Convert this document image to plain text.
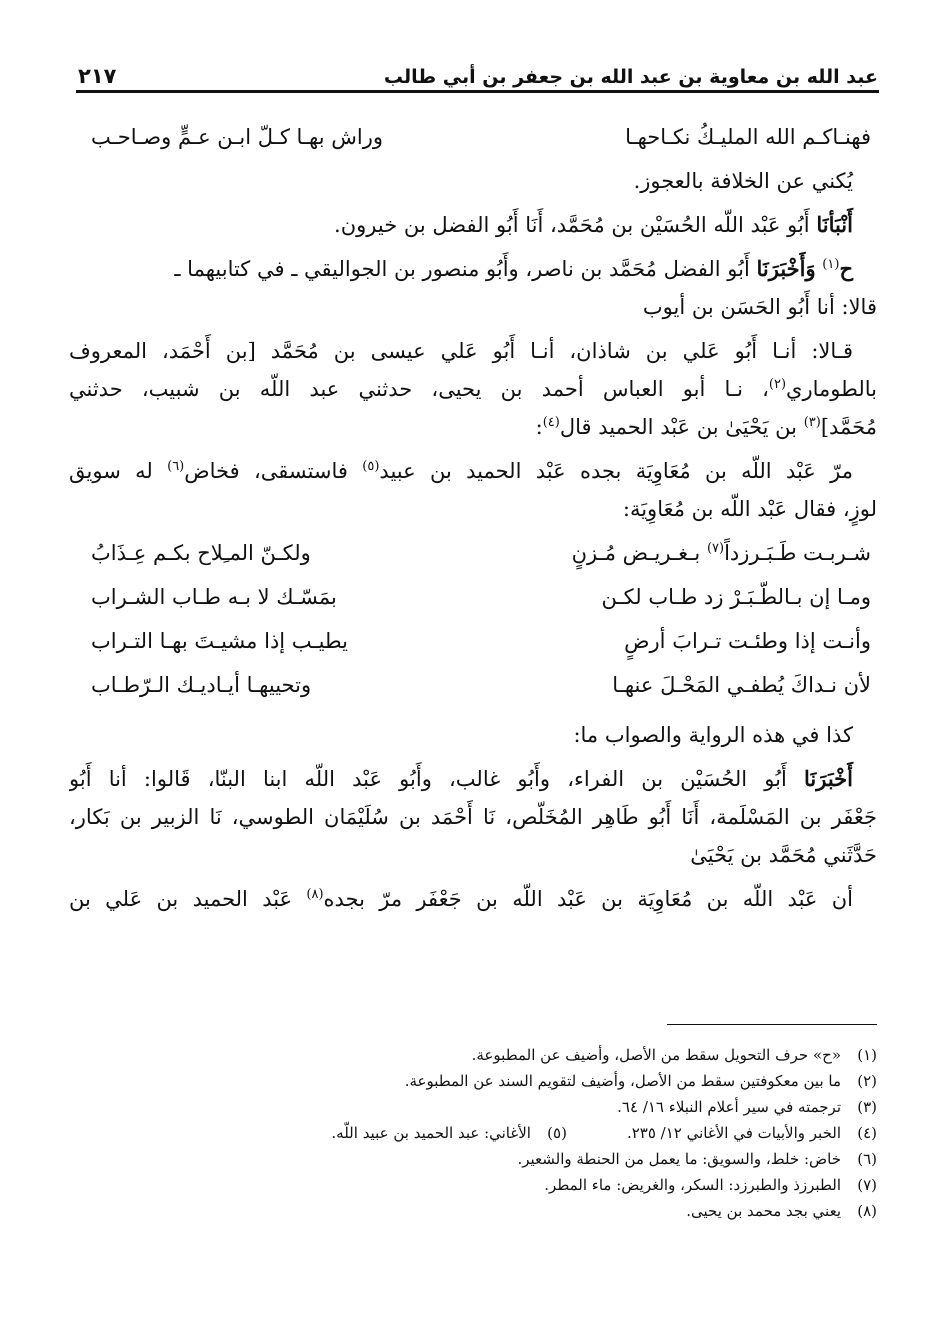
عبد الله بن معاوية بن عبد الله بن جعفر بن أبي طالب
٢١٧
فهنـاكـم الله المليـكُ نكـاحهـا
وراش بهـا كـلّ ابـن عـمٍّ وصـاحـب
يُكني عن الخلافة بالعجوز.
أَنْبَأنَا أَبُو عَبْد اللّه الحُسَيْن بن مُحَمَّد، أَنَا أَبُو الفضل بن خيرون.
ح$^{(١)}$ وَأَخْبَرَنَا أَبُو الفضل مُحَمَّد بن ناصر، وأَبُو منصور بن الجواليقي ـ في كتابيهما ـ
قالا: أنا أَبُو الحَسَن بن أيوب
قـالا: أنـا أَبُو عَلي بن شاذان، أنـا أَبُو عَلي عيسى بن مُحَمَّد [بن أَحْمَد، المعروف
بالطوماري$^{(٢)}$، نـا أبو العباس أحمد بن يحيى، حدثني عبد اللّه بن شبيب، حدثني
مُحَمَّد]$^{(٣)}$ بن يَحْيَىٰ بن عَبْد الحميد قال$^{(٤)}$:
مرّ عَبْد اللّه بن مُعَاوِيَة بجده عَبْد الحميد بن عبيد$^{(٥)}$ فاستسقى، فخاض$^{(٦)}$ له سويق
لوزٍ، فقال عَبْد اللّه بن مُعَاوِيَة:
شـربـت طَـبَـرزداً$^{(٧)}$ بـغـريـض مُـزنٍ
ولكـنّ المـِلاح بكـم عِـذَابُ
ومـا إن بـالطّـبَـرْ زد طـاب لكـن
بمَسّـك لا بـه طـاب الشـراب
وأنـت إذا وطئـت تـرابَ أرضٍ
يطيـب إذا مشيـتَ بهـا التـراب
لأن نـداكَ يُطفـي المَحْـلَ عنهـا
وتحييهـا أيـاديـك الـرّطـاب
كذا في هذه الرواية والصواب ما:
أَخْبَرَنَا أَبُو الحُسَيْن بن الفراء، وأَبُو غالب، وأَبُو عَبْد اللّه ابنا البنّا، قَالوا: أنا أَبُو
جَعْفَر بن المَسْلَمة، أَنَا أَبُو طَاهِر المُخَلّص، نَا أَحْمَد بن سُلَيْمَان الطوسي، نَا الزبير بن بَكار،
حَدَّثَني مُحَمَّد بن يَحْيَىٰ
أن عَبْد اللّه بن مُعَاوِيَة بن عَبْد اللّه بن جَعْفَر مرّ بجده$^{(٨)}$ عَبْد الحميد بن عَلي بن
(١)
«ح» حرف التحويل سقط من الأصل، وأضيف عن المطبوعة.
(٢)
ما بين معكوفتين سقط من الأصل، وأضيف لتقويم السند عن المطبوعة.
(٣)
ترجمته في سير أعلام النبلاء ١٦/ ٦٤.
(٤)
الخبر والأبيات في الأغاني ١٢/ ٢٣٥.
(٥)
الأغاني: عبد الحميد بن عبيد اللّه.
(٦)
خاض: خلط، والسويق: ما يعمل من الحنطة والشعير.
(٧)
الطبرزذ والطبرزد: السكر، والغريض: ماء المطر.
(٨)
يعني بجد محمد بن يحيى.
